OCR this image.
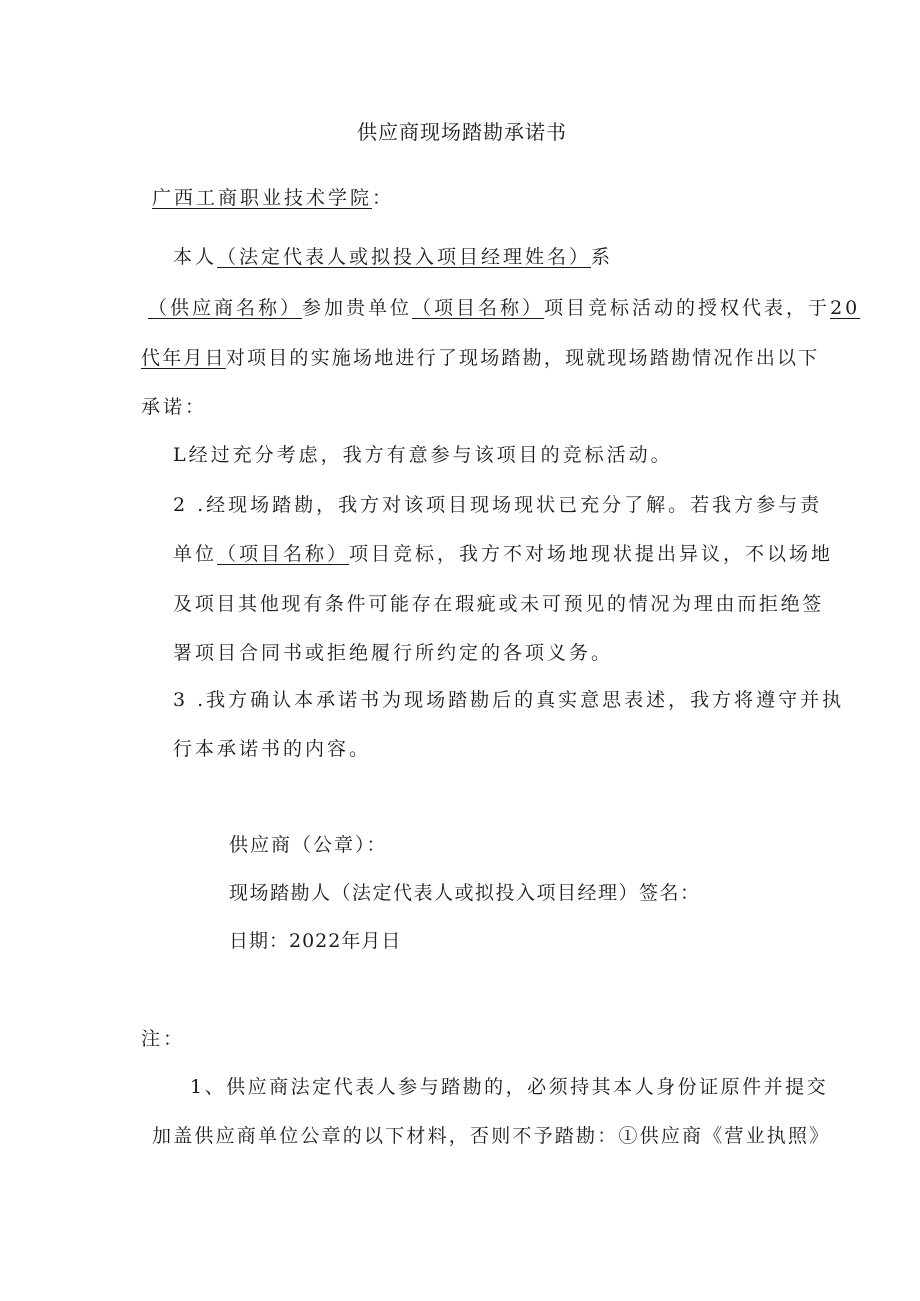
供应商现场踏勘承诺书
广西工商职业技术学院：
本人（法定代表人或拟投入项目经理姓名）系
（供应商名称）参加贵单位（项目名称）项目竞标活动的授权代表，于20
代年月日对项目的实施场地进行了现场踏勘，现就现场踏勘情况作出以下
承诺：
L经过充分考虑，我方有意参与该项目的竞标活动。
2 .经现场踏勘，我方对该项目现场现状已充分了解。若我方参与责
单位（项目名称）项目竞标，我方不对场地现状提出异议，不以场地
及项目其他现有条件可能存在瑕疵或未可预见的情况为理由而拒绝签
署项目合同书或拒绝履行所约定的各项义务。
3 .我方确认本承诺书为现场踏勘后的真实意思表述，我方将遵守并执
行本承诺书的内容。
供应商（公章）：
现场踏勘人（法定代表人或拟投入项目经理）签名：
日期：2022年月日
注：
1、供应商法定代表人参与踏勘的，必须持其本人身份证原件并提交
加盖供应商单位公章的以下材料，否则不予踏勘：①供应商《营业执照》
